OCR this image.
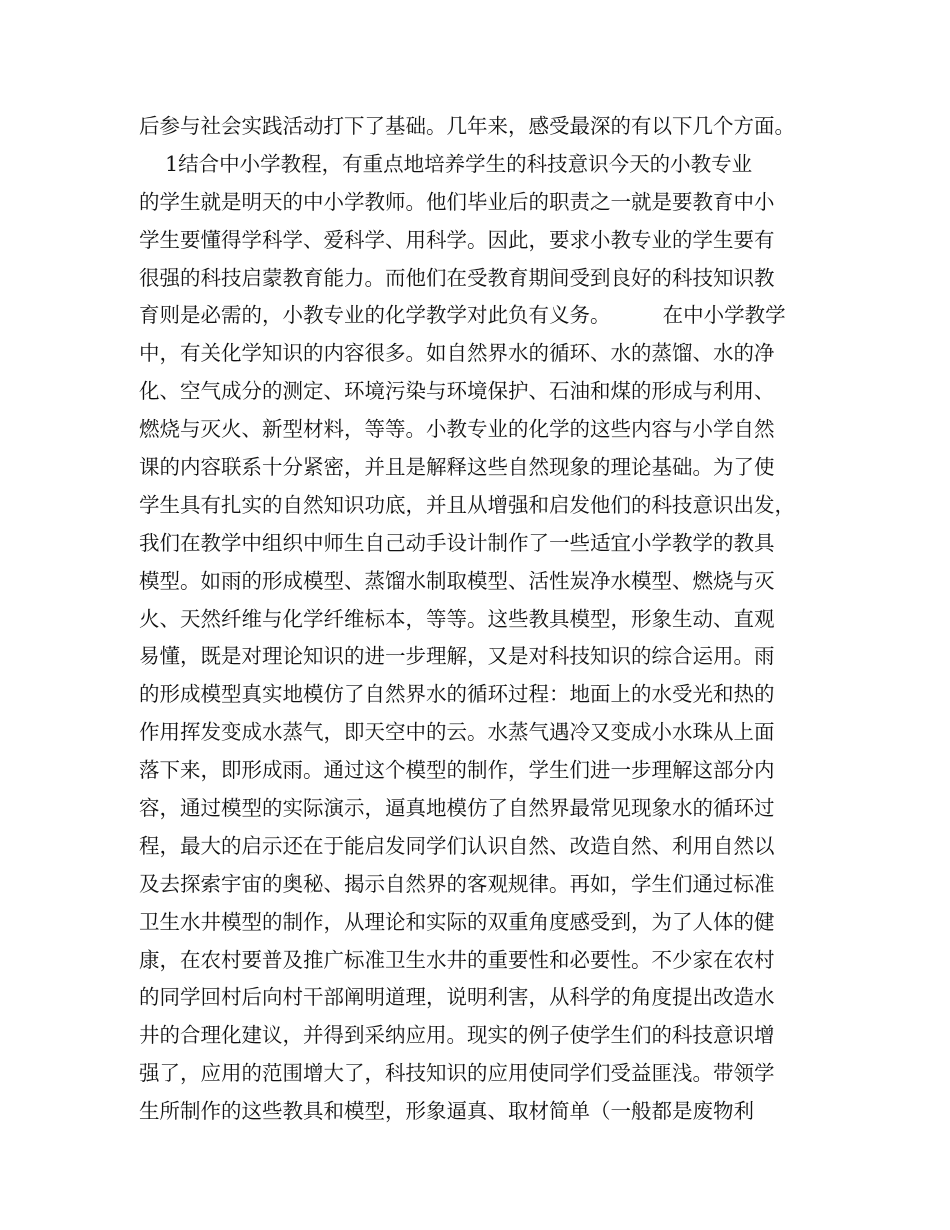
后参与社会实践活动打下了基础。几年来，感受最深的有以下几个方面。
1结合中小学教程，有重点地培养学生的科技意识今天的小教专业
的学生就是明天的中小学教师。他们毕业后的职责之一就是要教育中小
学生要懂得学科学、爱科学、用科学。因此，要求小教专业的学生要有
很强的科技启蒙教育能力。而他们在受教育期间受到良好的科技知识教
育则是必需的，小教专业的化学教学对此负有义务。        在中小学教学
中，有关化学知识的内容很多。如自然界水的循环、水的蒸馏、水的净
化、空气成分的测定、环境污染与环境保护、石油和煤的形成与利用、
燃烧与灭火、新型材料，等等。小教专业的化学的这些内容与小学自然
课的内容联系十分紧密，并且是解释这些自然现象的理论基础。为了使
学生具有扎实的自然知识功底，并且从增强和启发他们的科技意识出发，
我们在教学中组织中师生自己动手设计制作了一些适宜小学教学的教具
模型。如雨的形成模型、蒸馏水制取模型、活性炭净水模型、燃烧与灭
火、天然纤维与化学纤维标本，等等。这些教具模型，形象生动、直观
易懂，既是对理论知识的进一步理解，又是对科技知识的综合运用。雨
的形成模型真实地模仿了自然界水的循环过程：地面上的水受光和热的
作用挥发变成水蒸气，即天空中的云。水蒸气遇冷又变成小水珠从上面
落下来，即形成雨。通过这个模型的制作，学生们进一步理解这部分内
容，通过模型的实际演示，逼真地模仿了自然界最常见现象水的循环过
程，最大的启示还在于能启发同学们认识自然、改造自然、利用自然以
及去探索宇宙的奥秘、揭示自然界的客观规律。再如，学生们通过标准
卫生水井模型的制作，从理论和实际的双重角度感受到，为了人体的健
康，在农村要普及推广标准卫生水井的重要性和必要性。不少家在农村
的同学回村后向村干部阐明道理，说明利害，从科学的角度提出改造水
井的合理化建议，并得到采纳应用。现实的例子使学生们的科技意识增
强了，应用的范围增大了，科技知识的应用使同学们受益匪浅。带领学
生所制作的这些教具和模型，形象逼真、取材简单（一般都是废物利
